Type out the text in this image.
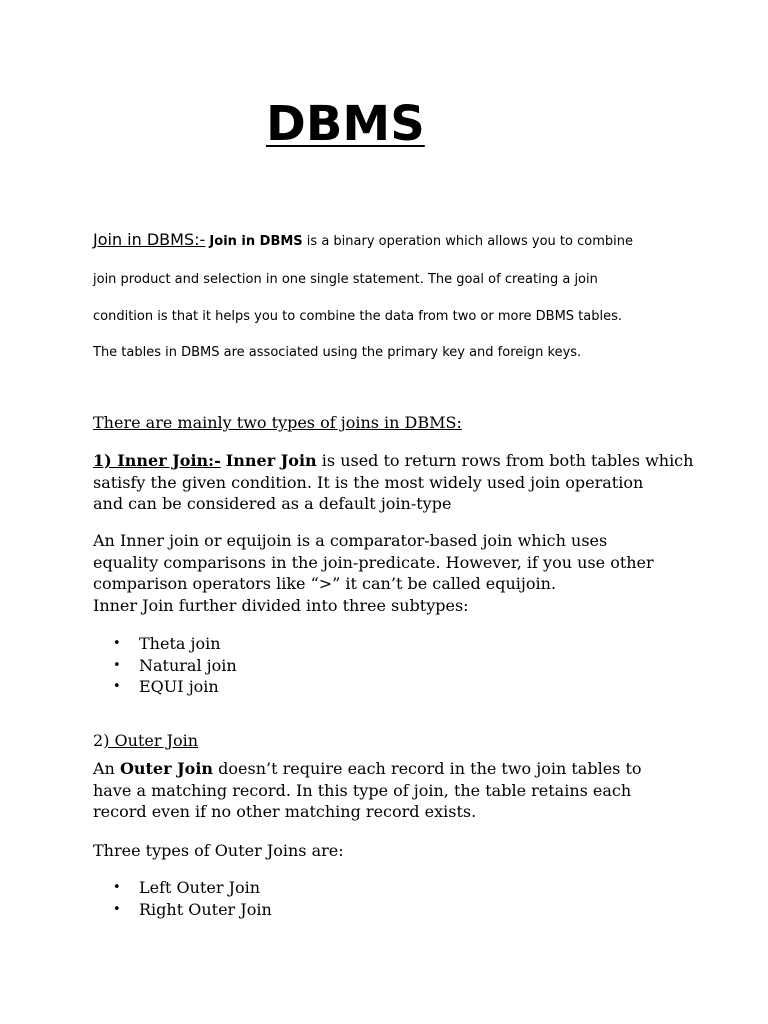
DBMS
Join in DBMS:- Join in DBMS is a binary operation which allows you to combine
join product and selection in one single statement. The goal of creating a join
condition is that it helps you to combine the data from two or more DBMS tables.
The tables in DBMS are associated using the primary key and foreign keys.
There are mainly two types of joins in DBMS:
1) Inner Join:- Inner Join is used to return rows from both tables which
satisfy the given condition. It is the most widely used join operation
and can be considered as a default join-type
An Inner join or equijoin is a comparator-based join which uses
equality comparisons in the join-predicate. However, if you use other
comparison operators like “>” it can’t be called equijoin.
Inner Join further divided into three subtypes:
• Theta join
• Natural join
• EQUI join
2) Outer Join
An Outer Join doesn’t require each record in the two join tables to
have a matching record. In this type of join, the table retains each
record even if no other matching record exists.
Three types of Outer Joins are:
• Left Outer Join
• Right Outer Join
